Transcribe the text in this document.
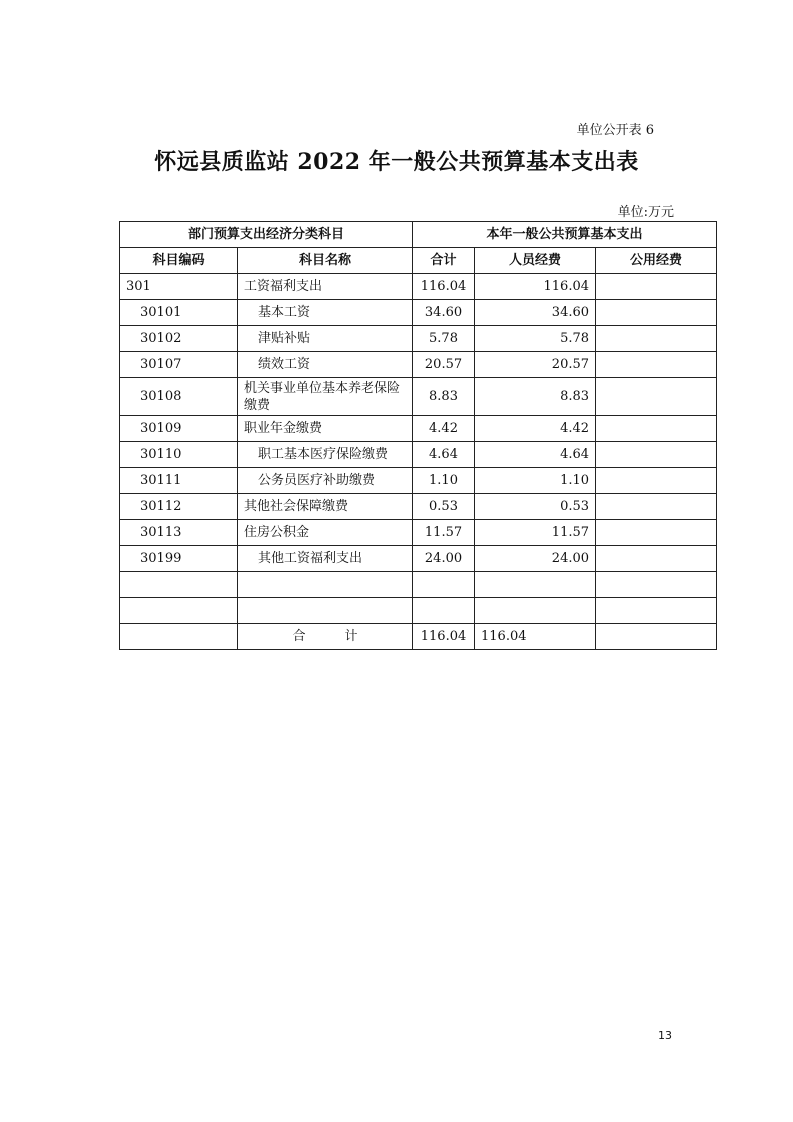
单位公开表 6
怀远县质监站 2022 年一般公共预算基本支出表
单位:万元
部门预算支出经济分类科目		本年一般公共预算基本支出		
科目编码	科目名称	合计	人员经费	公用经费
301	工资福利支出	116.04	116.04	
30101	基本工资	34.60	34.60	
30102	津贴补贴	5.78	5.78	
30107	绩效工资	20.57	20.57	
30108	机关事业单位基本养老保险缴费	8.83	8.83	
30109	职业年金缴费	4.42	4.42	
30110	职工基本医疗保险缴费	4.64	4.64	
30111	公务员医疗补助缴费	1.10	1.10	
30112	其他社会保障缴费	0.53	0.53	
30113	住房公积金	11.57	11.57	
30199	其他工资福利支出	24.00	24.00	

	合　　　计	116.04	116.04	
13
